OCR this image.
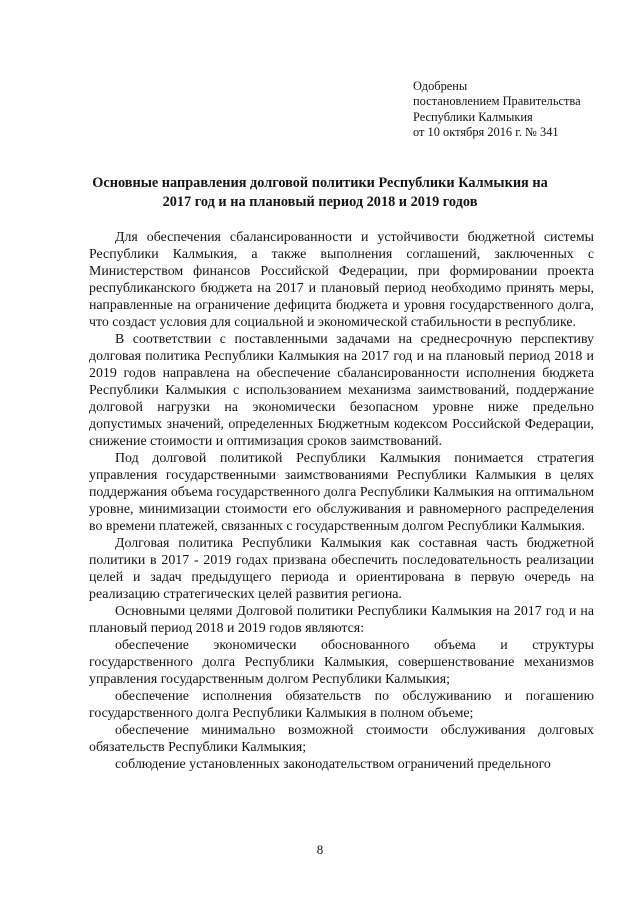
Одобрены
постановлением Правительства
Республики Калмыкия
от 10 октября 2016 г. № 341
Основные направления долговой политики Республики Калмыкия на
2017 год и на плановый период 2018 и 2019 годов

Для обеспечения сбалансированности и устойчивости бюджетной системы Республики Калмыкия, а также выполнения соглашений, заключенных с Министерством финансов Российской Федерации, при формировании проекта республиканского бюджета на 2017 и плановый период необходимо принять меры, направленные на ограничение дефицита бюджета и уровня государственного долга, что создаст условия для социальной и экономической стабильности в республике.

В соответствии с поставленными задачами на среднесрочную перспективу долговая политика Республики Калмыкия на 2017 год и на плановый период 2018 и 2019 годов направлена на обеспечение сбалансированности исполнения бюджета Республики Калмыкия с использованием механизма заимствований, поддержание долговой нагрузки на экономически безопасном уровне ниже предельно допустимых значений, определенных Бюджетным кодексом Российской Федерации, снижение стоимости и оптимизация сроков заимствований.

Под долговой политикой Республики Калмыкия понимается стратегия управления государственными заимствованиями Республики Калмыкия в целях поддержания объема государственного долга Республики Калмыкия на оптимальном уровне, минимизации стоимости его обслуживания и равномерного распределения во времени платежей, связанных с государственным долгом Республики Калмыкия.

Долговая политика Республики Калмыкия как составная часть бюджетной политики в 2017 - 2019 годах призвана обеспечить последовательность реализации целей и задач предыдущего периода и ориентирована в первую очередь на реализацию стратегических целей развития региона.

Основными целями Долговой политики Республики Калмыкия на 2017 год и на плановый период 2018 и 2019 годов являются:

обеспечение экономически обоснованного объема и структуры государственного долга Республики Калмыкия, совершенствование механизмов управления государственным долгом Республики Калмыкия;

обеспечение исполнения обязательств по обслуживанию и погашению государственного долга Республики Калмыкия в полном объеме;

обеспечение минимально возможной стоимости обслуживания долговых обязательств Республики Калмыкия;

соблюдение установленных законодательством ограничений предельного

8
